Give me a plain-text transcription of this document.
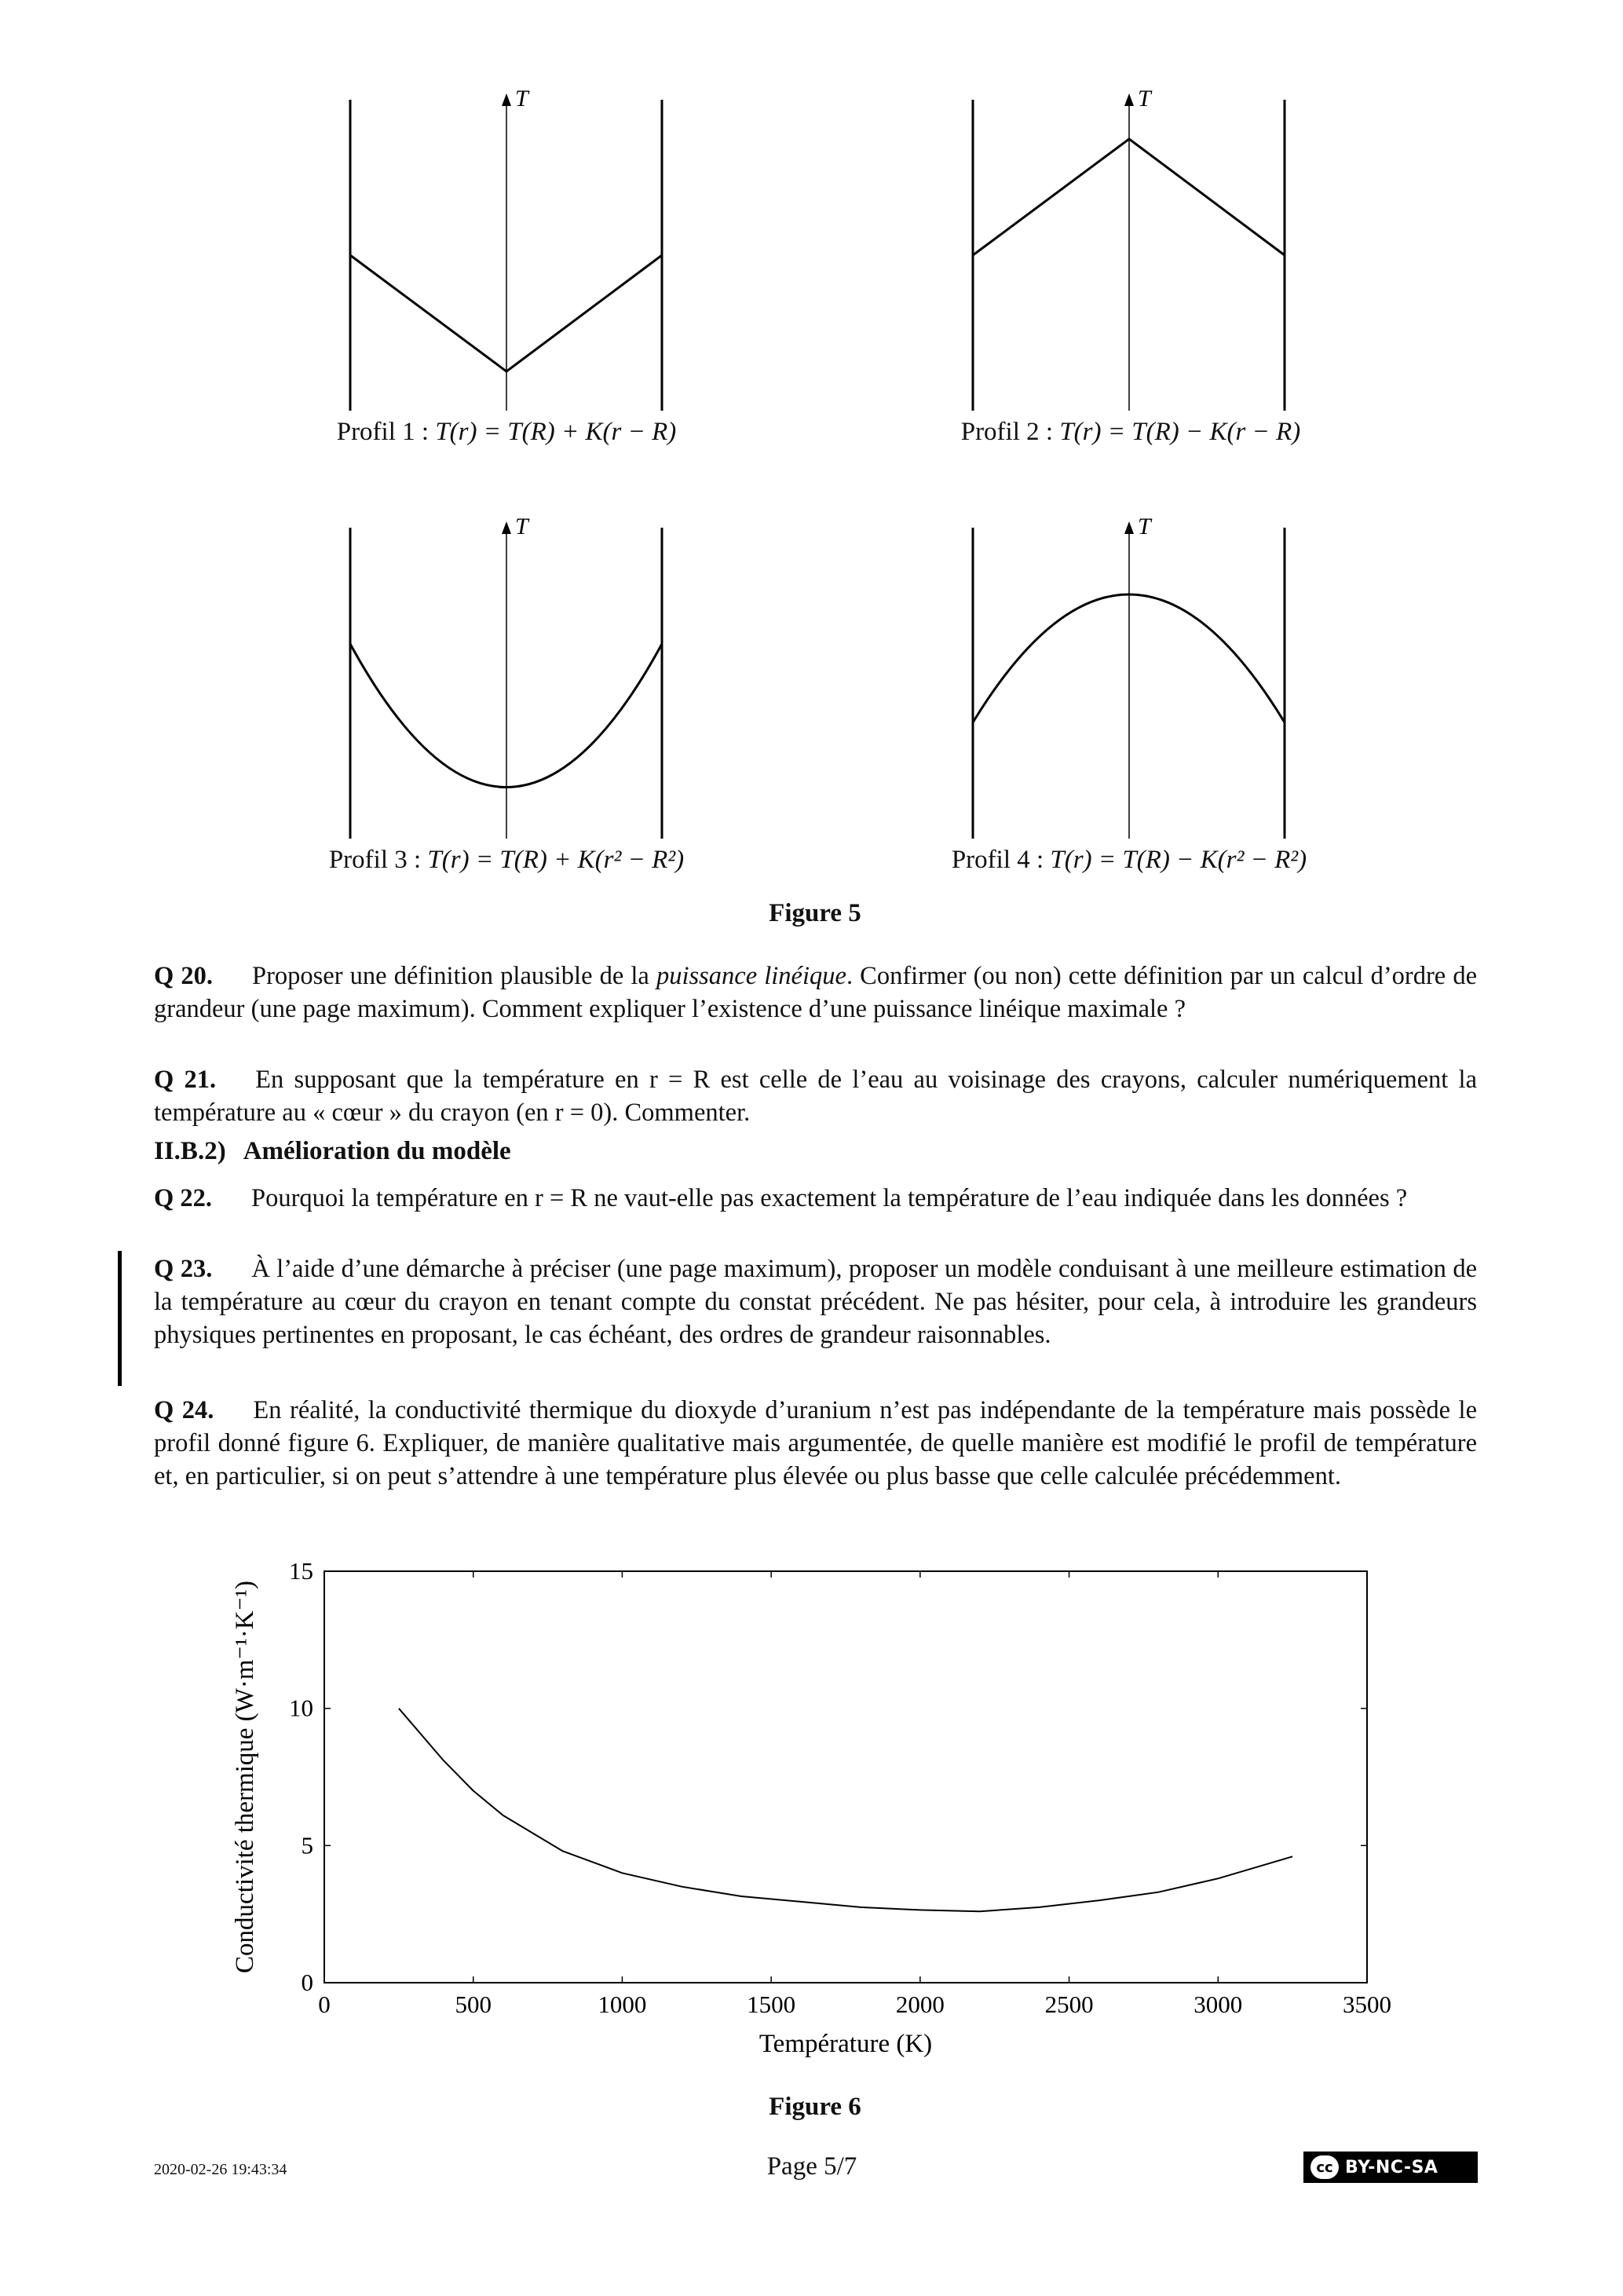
T
Profil 1 : T(r) = T(R) + K(r − R)
T
Profil 2 : T(r) = T(R) − K(r − R)
T
Profil 3 : T(r) = T(R) + K(r² − R²)
T
Profil 4 : T(r) = T(R) − K(r² − R²)
Figure 5
Q 20. Proposer une définition plausible de la puissance linéique. Confirmer (ou non) cette définition par un calcul d’ordre de grandeur (une page maximum). Comment expliquer l’existence d’une puissance linéique maximale ?
Q 21. En supposant que la température en r = R est celle de l’eau au voisinage des crayons, calculer numériquement la température au « cœur » du crayon (en r = 0). Commenter.
II.B.2) Amélioration du modèle
Q 22. Pourquoi la température en r = R ne vaut-elle pas exactement la température de l’eau indiquée dans les données ?
Q 23. À l’aide d’une démarche à préciser (une page maximum), proposer un modèle conduisant à une meilleure estimation de la température au cœur du crayon en tenant compte du constat précédent. Ne pas hésiter, pour cela, à introduire les grandeurs physiques pertinentes en proposant, le cas échéant, des ordres de grandeur raisonnables.
Q 24. En réalité, la conductivité thermique du dioxyde d’uranium n’est pas indépendante de la température mais possède le profil donné figure 6. Expliquer, de manière qualitative mais argumentée, de quelle manière est modifié le profil de température et, en particulier, si on peut s’attendre à une température plus élevée ou plus basse que celle calculée précédemment.
0	500	1000	1500	2000	2500	3000	3500
0
5
10
15
Température (K)
Conductivité thermique (W·m⁻¹·K⁻¹)
Figure 6
2020-02-26 19:43:34	Page 5/7	cc BY-NC-SA
